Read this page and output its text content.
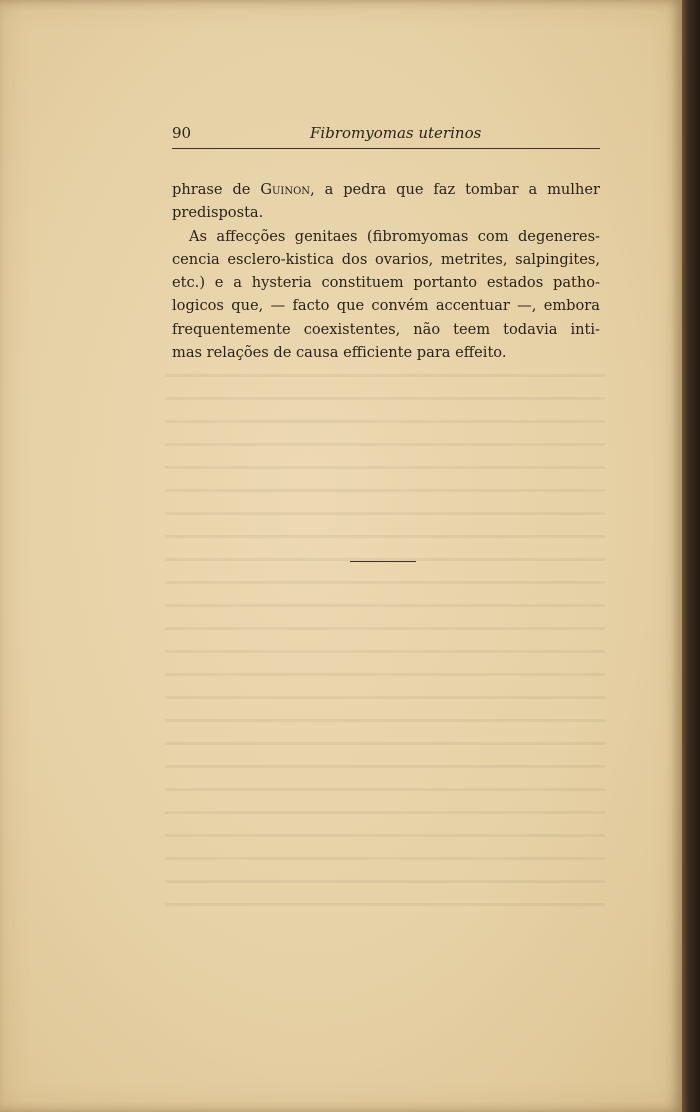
90	Fibromyomas uterinos
phrase de Guinon, a pedra que faz tombar a mulher
predisposta.
As affecções genitaes (fibromyomas com degeneres-
cencia esclero-kistica dos ovarios, metrites, salpingites,
etc.) e a hysteria constituem portanto estados patho-
logicos que, — facto que convém accentuar —, embora
frequentemente coexistentes, não teem todavia inti-
mas relações de causa efficiente para effeito.
